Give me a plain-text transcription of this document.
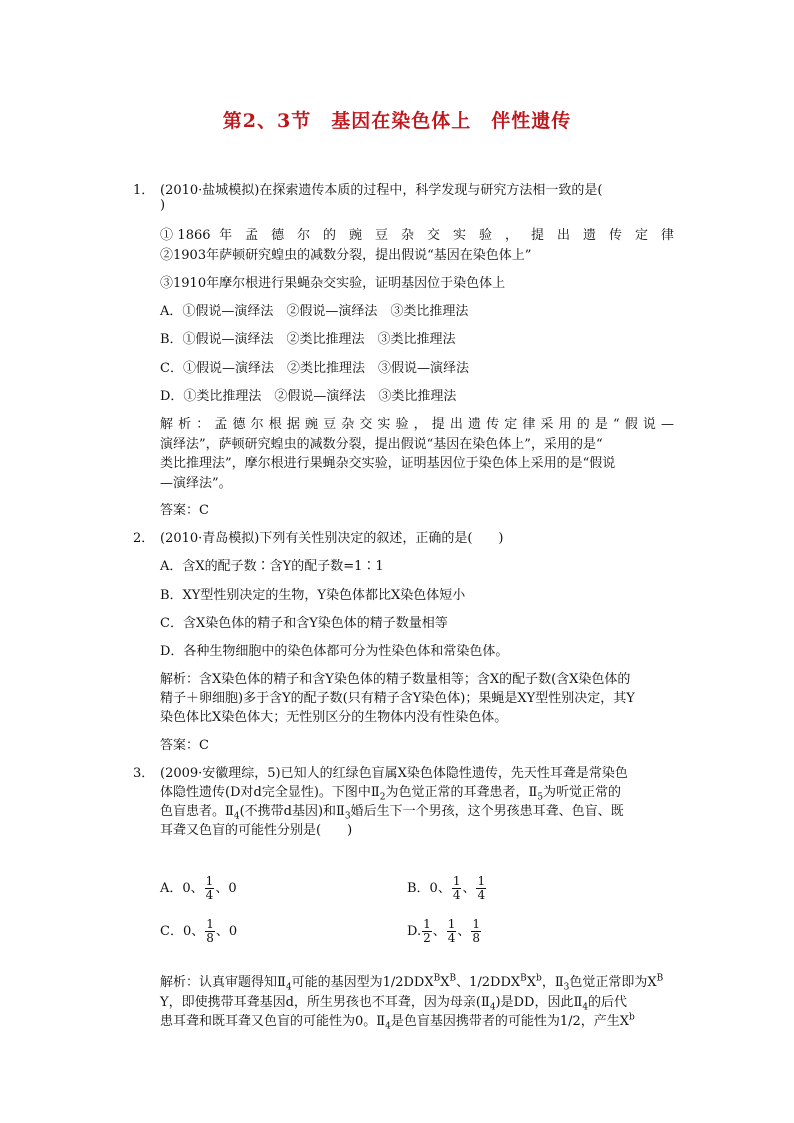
第2、3节　基因在染色体上　伴性遗传
1． (2010·盐城模拟)在探索遗传本质的过程中，科学发现与研究方法相一致的是(
)
①1866 年 孟 德 尔 的 豌 豆 杂 交 实 验 ， 提 出 遗 传 定 律
②1903年萨顿研究蝗虫的减数分裂，提出假说“基因在染色体上”
③1910年摩尔根进行果蝇杂交实验，证明基因位于染色体上
A．①假说—演绎法　②假说—演绎法　③类比推理法
B．①假说—演绎法　②类比推理法　③类比推理法
C．①假说—演绎法　②类比推理法　③假说—演绎法
D．①类比推理法　②假说—演绎法　③类比推理法
解析：孟德尔根据豌豆杂交实验，提出遗传定律采用的是“假说—
演绎法”，萨顿研究蝗虫的减数分裂，提出假说“基因在染色体上”，采用的是“
类比推理法”，摩尔根进行果蝇杂交实验，证明基因位于染色体上采用的是“假说
—演绎法”。
答案：C
2． (2010·青岛模拟)下列有关性别决定的叙述，正确的是(　　)
A．含X的配子数∶含Y的配子数=1∶1
B．XY型性别决定的生物，Y染色体都比X染色体短小
C．含X染色体的精子和含Y染色体的精子数量相等
D．各种生物细胞中的染色体都可分为性染色体和常染色体。
解析：含X染色体的精子和含Y染色体的精子数量相等；含X的配子数(含X染色体的
精子＋卵细胞)多于含Y的配子数(只有精子含Y染色体)；果蝇是XY型性别决定，其Y
染色体比X染色体大；无性别区分的生物体内没有性染色体。
答案：C
3． (2009·安徽理综，5)已知人的红绿色盲属X染色体隐性遗传，先天性耳聋是常染色
体隐性遗传(D对d完全显性)。下图中$Ⅱ_2$为色觉正常的耳聋患者，$Ⅱ_5$为听觉正常的
色盲患者。$Ⅱ_4$(不携带d基因)和$Ⅱ_3$婚后生下一个男孩，这个男孩患耳聋、色盲、既
耳聋又色盲的可能性分别是(　　)
A．0、 $\frac{1}{4}$ 、0	B．0、 $\frac{1}{4}$ 、 $\frac{1}{4}$
C．0、 $\frac{1}{8}$ 、0	D. $\frac{1}{2}$ 、 $\frac{1}{4}$ 、 $\frac{1}{8}$
解析：认真审题得知$Ⅱ_4$可能的基因型为$1/2DDX^BX^B$、$1/2DDX^BX^b$，$Ⅱ_3$色觉正常即为$X^B$
Y，即使携带耳聋基因d，所生男孩也不耳聋，因为母亲$(Ⅱ_4)$是DD，因此$Ⅱ_4$的后代
患耳聋和既耳聋又色盲的可能性为0。$Ⅱ_4$是色盲基因携带者的可能性为1/2，产生$X^b$
